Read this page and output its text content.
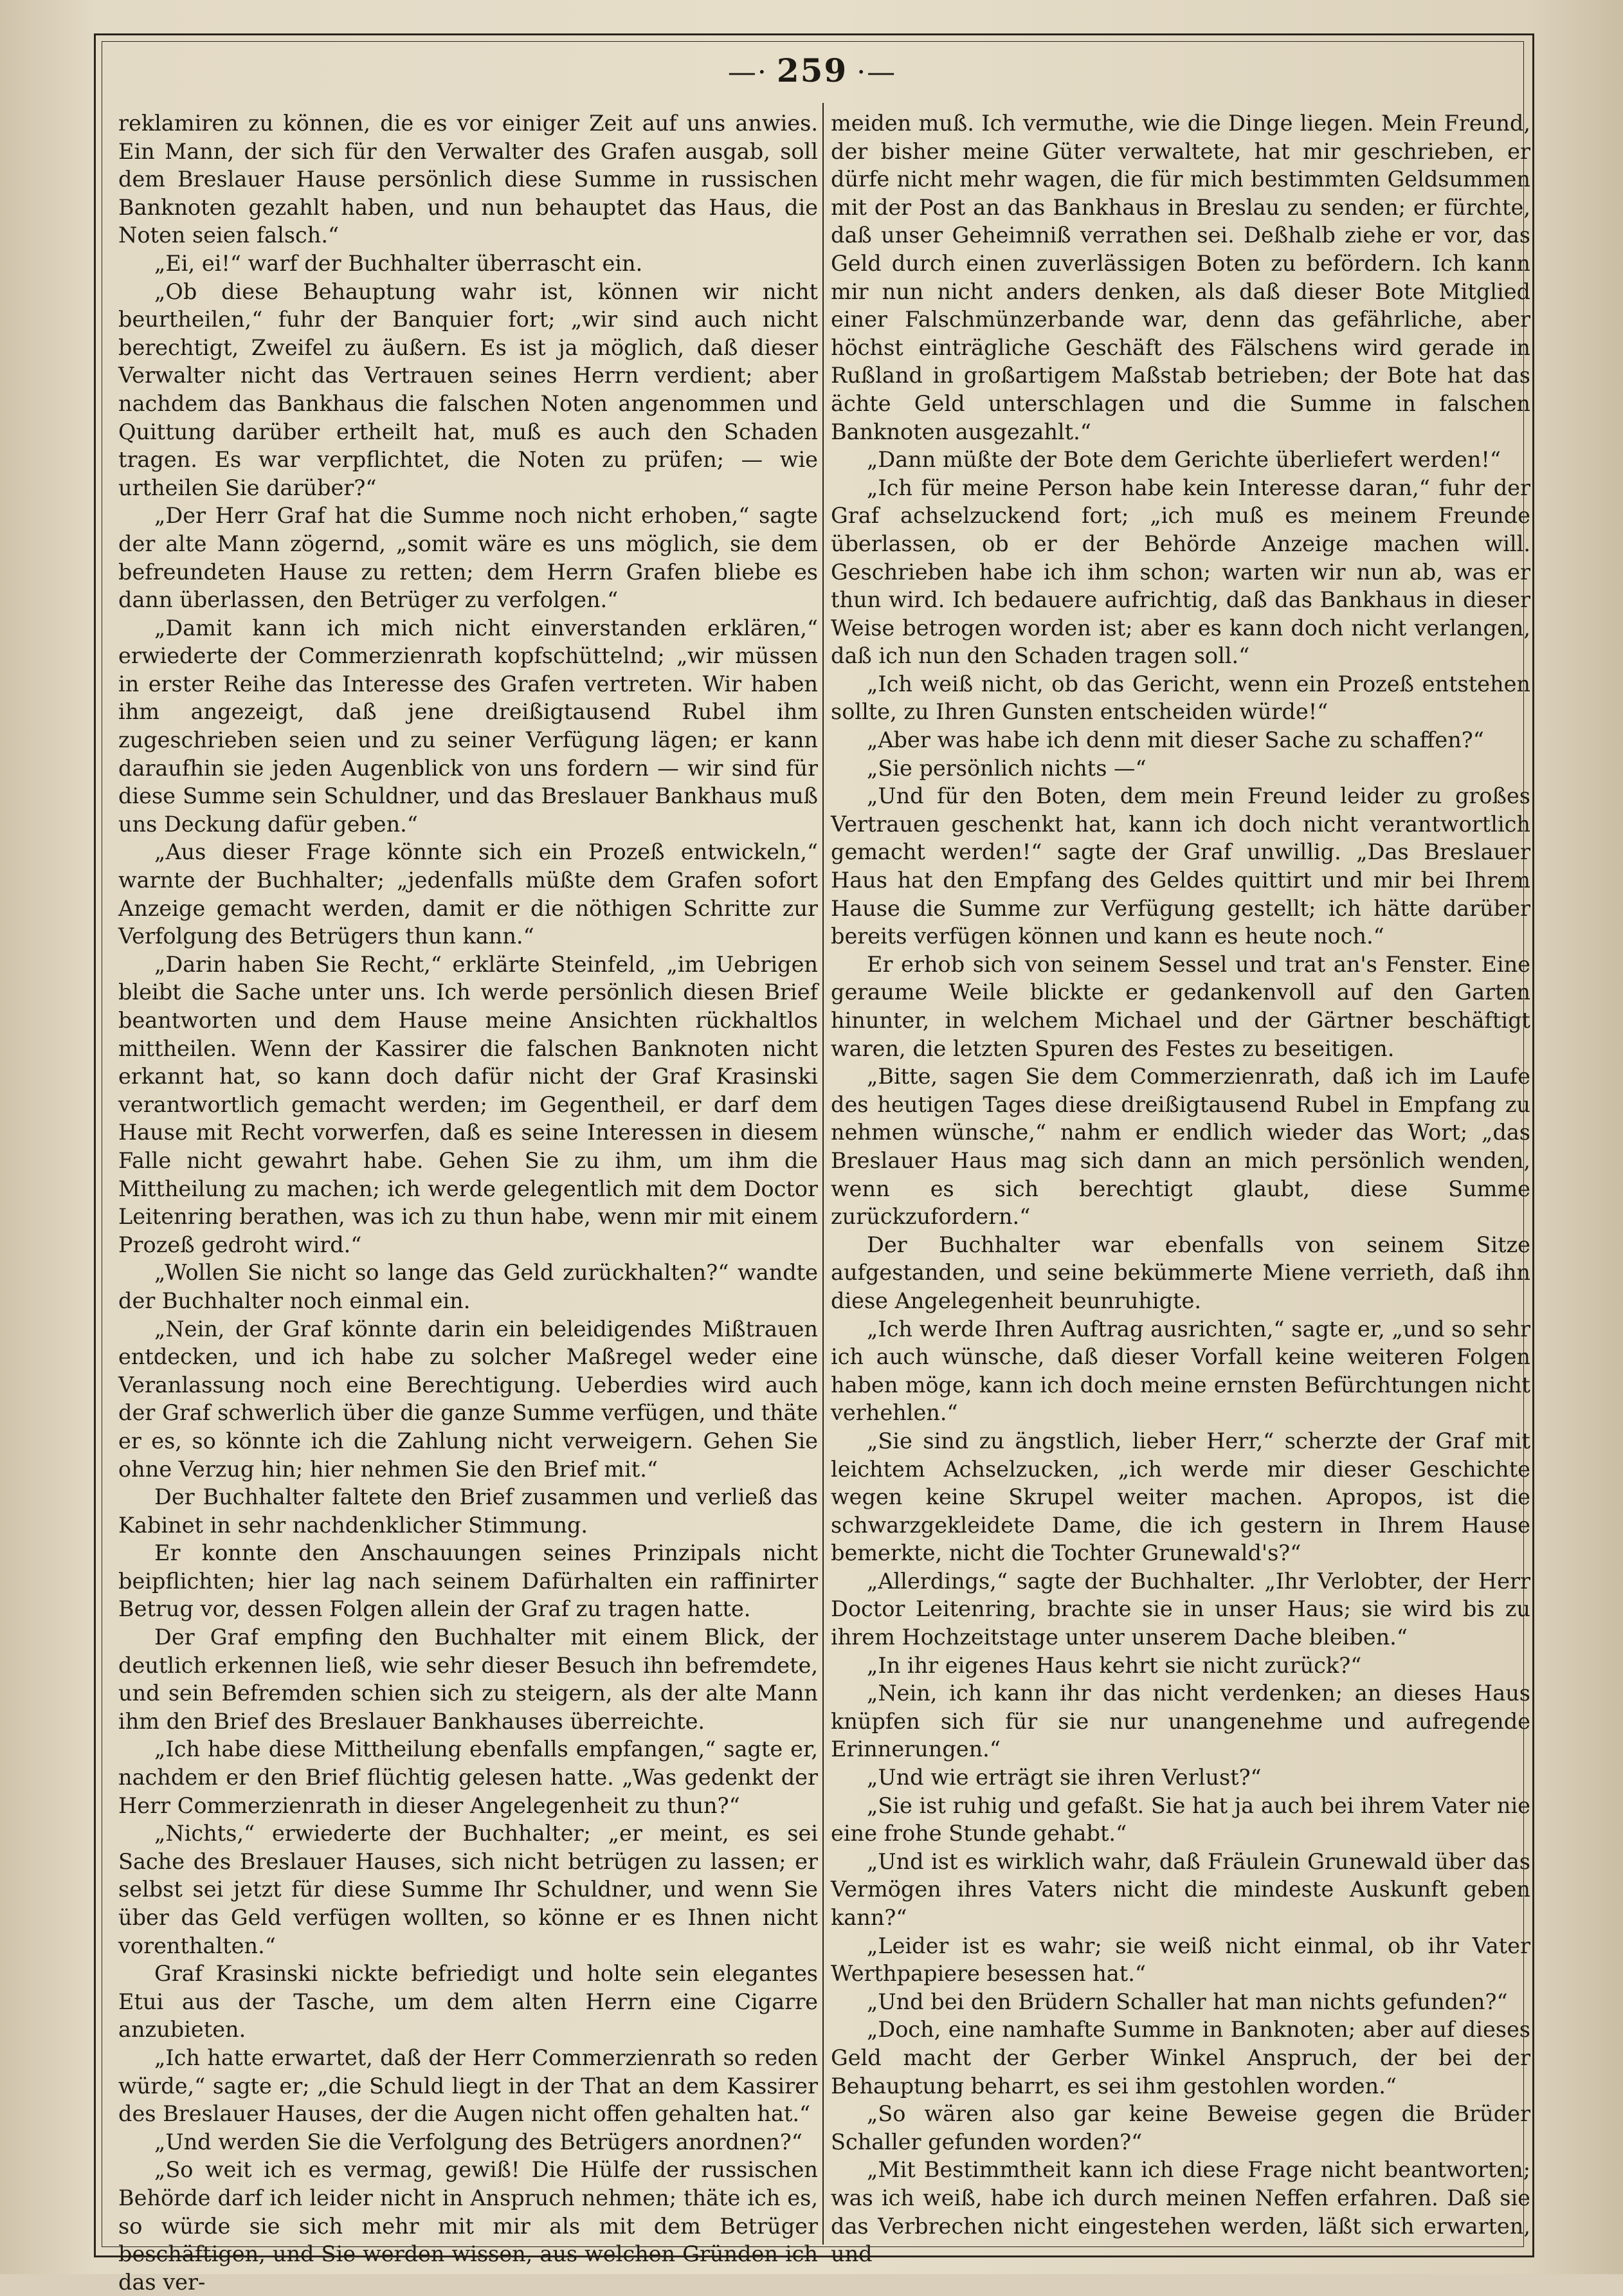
—· 259 ·—

reklamiren zu können, die es vor einiger Zeit auf uns anwies. Ein Mann, der sich für den Verwalter des Grafen ausgab, soll dem Breslauer Hause persönlich diese Summe in russischen Banknoten gezahlt haben, und nun behauptet das Haus, die Noten seien falsch.“

„Ei, ei!“ warf der Buchhalter überrascht ein.

„Ob diese Behauptung wahr ist, können wir nicht beurtheilen,“ fuhr der Banquier fort; „wir sind auch nicht berechtigt, Zweifel zu äußern. Es ist ja möglich, daß dieser Verwalter nicht das Vertrauen seines Herrn verdient; aber nachdem das Bankhaus die falschen Noten angenommen und Quittung darüber ertheilt hat, muß es auch den Schaden tragen. Es war verpflichtet, die Noten zu prüfen; — wie urtheilen Sie darüber?“

„Der Herr Graf hat die Summe noch nicht erhoben,“ sagte der alte Mann zögernd, „somit wäre es uns möglich, sie dem befreundeten Hause zu retten; dem Herrn Grafen bliebe es dann überlassen, den Betrüger zu verfolgen.“

„Damit kann ich mich nicht einverstanden erklären,“ erwiederte der Commerzienrath kopfschüttelnd; „wir müssen in erster Reihe das Interesse des Grafen vertreten. Wir haben ihm angezeigt, daß jene dreißigtausend Rubel ihm zugeschrieben seien und zu seiner Verfügung lägen; er kann daraufhin sie jeden Augenblick von uns fordern — wir sind für diese Summe sein Schuldner, und das Breslauer Bankhaus muß uns Deckung dafür geben.“

„Aus dieser Frage könnte sich ein Prozeß entwickeln,“ warnte der Buchhalter; „jedenfalls müßte dem Grafen sofort Anzeige gemacht werden, damit er die nöthigen Schritte zur Verfolgung des Betrügers thun kann.“

„Darin haben Sie Recht,“ erklärte Steinfeld, „im Uebrigen bleibt die Sache unter uns. Ich werde persönlich diesen Brief beantworten und dem Hause meine Ansichten rückhaltlos mittheilen. Wenn der Kassirer die falschen Banknoten nicht erkannt hat, so kann doch dafür nicht der Graf Krasinski verantwortlich gemacht werden; im Gegentheil, er darf dem Hause mit Recht vorwerfen, daß es seine Interessen in diesem Falle nicht gewahrt habe. Gehen Sie zu ihm, um ihm die Mittheilung zu machen; ich werde gelegentlich mit dem Doctor Leitenring berathen, was ich zu thun habe, wenn mir mit einem Prozeß gedroht wird.“

„Wollen Sie nicht so lange das Geld zurückhalten?“ wandte der Buchhalter noch einmal ein.

„Nein, der Graf könnte darin ein beleidigendes Mißtrauen entdecken, und ich habe zu solcher Maßregel weder eine Veranlassung noch eine Berechtigung. Ueberdies wird auch der Graf schwerlich über die ganze Summe verfügen, und thäte er es, so könnte ich die Zahlung nicht verweigern. Gehen Sie ohne Verzug hin; hier nehmen Sie den Brief mit.“

Der Buchhalter faltete den Brief zusammen und verließ das Kabinet in sehr nachdenklicher Stimmung.

Er konnte den Anschauungen seines Prinzipals nicht beipflichten; hier lag nach seinem Dafürhalten ein raffinirter Betrug vor, dessen Folgen allein der Graf zu tragen hatte.

Der Graf empfing den Buchhalter mit einem Blick, der deutlich erkennen ließ, wie sehr dieser Besuch ihn befremdete, und sein Befremden schien sich zu steigern, als der alte Mann ihm den Brief des Breslauer Bankhauses überreichte.

„Ich habe diese Mittheilung ebenfalls empfangen,“ sagte er, nachdem er den Brief flüchtig gelesen hatte. „Was gedenkt der Herr Commerzienrath in dieser Angelegenheit zu thun?“

„Nichts,“ erwiederte der Buchhalter; „er meint, es sei Sache des Breslauer Hauses, sich nicht betrügen zu lassen; er selbst sei jetzt für diese Summe Ihr Schuldner, und wenn Sie über das Geld verfügen wollten, so könne er es Ihnen nicht vorenthalten.“

Graf Krasinski nickte befriedigt und holte sein elegantes Etui aus der Tasche, um dem alten Herrn eine Cigarre anzubieten.

„Ich hatte erwartet, daß der Herr Commerzienrath so reden würde,“ sagte er; „die Schuld liegt in der That an dem Kassirer des Breslauer Hauses, der die Augen nicht offen gehalten hat.“

„Und werden Sie die Verfolgung des Betrügers anordnen?“

„So weit ich es vermag, gewiß! Die Hülfe der russischen Behörde darf ich leider nicht in Anspruch nehmen; thäte ich es, so würde sie sich mehr mit mir als mit dem Betrüger beschäftigen, und Sie werden wissen, aus welchen Gründen ich das ver-

meiden muß. Ich vermuthe, wie die Dinge liegen. Mein Freund, der bisher meine Güter verwaltete, hat mir geschrieben, er dürfe nicht mehr wagen, die für mich bestimmten Geldsummen mit der Post an das Bankhaus in Breslau zu senden; er fürchte, daß unser Geheimniß verrathen sei. Deßhalb ziehe er vor, das Geld durch einen zuverlässigen Boten zu befördern. Ich kann mir nun nicht anders denken, als daß dieser Bote Mitglied einer Falschmünzerbande war, denn das gefährliche, aber höchst einträgliche Geschäft des Fälschens wird gerade in Rußland in großartigem Maßstab betrieben; der Bote hat das ächte Geld unterschlagen und die Summe in falschen Banknoten ausgezahlt.“

„Dann müßte der Bote dem Gerichte überliefert werden!“

„Ich für meine Person habe kein Interesse daran,“ fuhr der Graf achselzuckend fort; „ich muß es meinem Freunde überlassen, ob er der Behörde Anzeige machen will. Geschrieben habe ich ihm schon; warten wir nun ab, was er thun wird. Ich bedauere aufrichtig, daß das Bankhaus in dieser Weise betrogen worden ist; aber es kann doch nicht verlangen, daß ich nun den Schaden tragen soll.“

„Ich weiß nicht, ob das Gericht, wenn ein Prozeß entstehen sollte, zu Ihren Gunsten entscheiden würde!“

„Aber was habe ich denn mit dieser Sache zu schaffen?“

„Sie persönlich nichts —“

„Und für den Boten, dem mein Freund leider zu großes Vertrauen geschenkt hat, kann ich doch nicht verantwortlich gemacht werden!“ sagte der Graf unwillig. „Das Breslauer Haus hat den Empfang des Geldes quittirt und mir bei Ihrem Hause die Summe zur Verfügung gestellt; ich hätte darüber bereits verfügen können und kann es heute noch.“

Er erhob sich von seinem Sessel und trat an's Fenster. Eine geraume Weile blickte er gedankenvoll auf den Garten hinunter, in welchem Michael und der Gärtner beschäftigt waren, die letzten Spuren des Festes zu beseitigen.

„Bitte, sagen Sie dem Commerzienrath, daß ich im Laufe des heutigen Tages diese dreißigtausend Rubel in Empfang zu nehmen wünsche,“ nahm er endlich wieder das Wort; „das Breslauer Haus mag sich dann an mich persönlich wenden, wenn es sich berechtigt glaubt, diese Summe zurückzufordern.“

Der Buchhalter war ebenfalls von seinem Sitze aufgestanden, und seine bekümmerte Miene verrieth, daß ihn diese Angelegenheit beunruhigte.

„Ich werde Ihren Auftrag ausrichten,“ sagte er, „und so sehr ich auch wünsche, daß dieser Vorfall keine weiteren Folgen haben möge, kann ich doch meine ernsten Befürchtungen nicht verhehlen.“

„Sie sind zu ängstlich, lieber Herr,“ scherzte der Graf mit leichtem Achselzucken, „ich werde mir dieser Geschichte wegen keine Skrupel weiter machen. Apropos, ist die schwarzgekleidete Dame, die ich gestern in Ihrem Hause bemerkte, nicht die Tochter Grunewald's?“

„Allerdings,“ sagte der Buchhalter. „Ihr Verlobter, der Herr Doctor Leitenring, brachte sie in unser Haus; sie wird bis zu ihrem Hochzeitstage unter unserem Dache bleiben.“

„In ihr eigenes Haus kehrt sie nicht zurück?“

„Nein, ich kann ihr das nicht verdenken; an dieses Haus knüpfen sich für sie nur unangenehme und aufregende Erinnerungen.“

„Und wie erträgt sie ihren Verlust?“

„Sie ist ruhig und gefaßt. Sie hat ja auch bei ihrem Vater nie eine frohe Stunde gehabt.“

„Und ist es wirklich wahr, daß Fräulein Grunewald über das Vermögen ihres Vaters nicht die mindeste Auskunft geben kann?“

„Leider ist es wahr; sie weiß nicht einmal, ob ihr Vater Werthpapiere besessen hat.“

„Und bei den Brüdern Schaller hat man nichts gefunden?“

„Doch, eine namhafte Summe in Banknoten; aber auf dieses Geld macht der Gerber Winkel Anspruch, der bei der Behauptung beharrt, es sei ihm gestohlen worden.“

„So wären also gar keine Beweise gegen die Brüder Schaller gefunden worden?“

„Mit Bestimmtheit kann ich diese Frage nicht beantworten; was ich weiß, habe ich durch meinen Neffen erfahren. Daß sie das Verbrechen nicht eingestehen werden, läßt sich erwarten, und
